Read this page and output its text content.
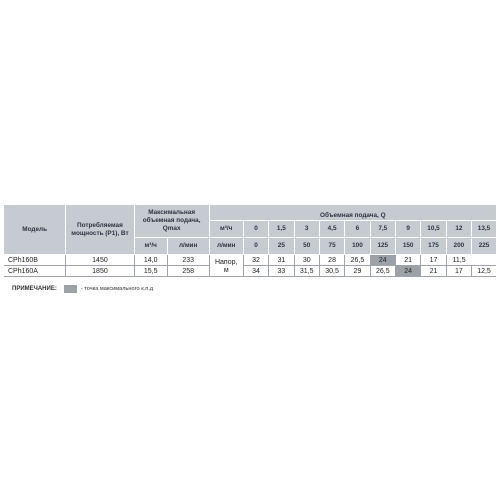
Модель	Потребляемая мощность (P1), Вт	Максимальная объемная подача, Qmax		Объемная подача, Q										
				м³/ч	0	1,5	3	4,5	6	7,5	9	10,5	12	13,5
		м³/ч	л/мин	л/мин	0	25	50	75	100	125	150	175	200	225
CPh160B	1450	14,0	233	Напор,	32	31	30	28	26,5	24	21	17	11,5	
CPh160A	1850	15,5	258	м	34	33	31,5	30,5	29	26,5	24	21	17	12,5
ПРИМЕЧАНИЕ:	- точка максимального к.п.д
